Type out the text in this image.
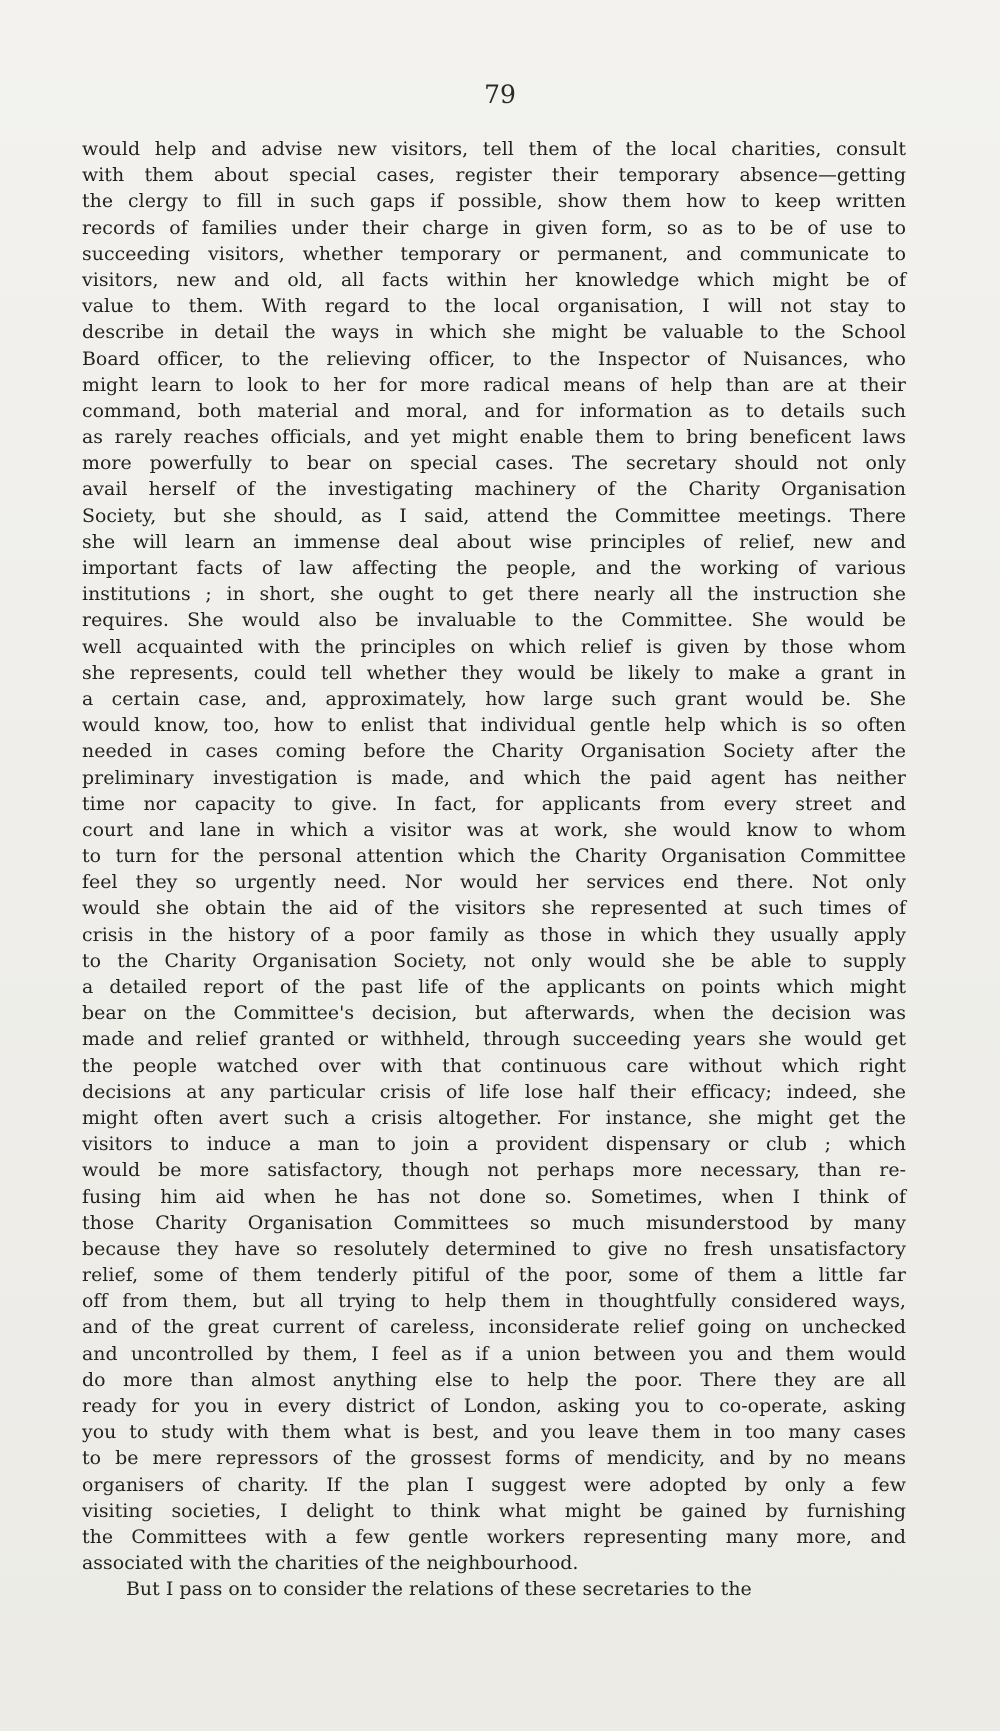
79
would help and advise new visitors, tell them of the local charities, consult
with them about special cases, register their temporary absence—getting
the clergy to fill in such gaps if possible, show them how to keep written
records of families under their charge in given form, so as to be of use to
succeeding visitors, whether temporary or permanent, and communicate to
visitors, new and old, all facts within her knowledge which might be of
value to them. With regard to the local organisation, I will not stay to
describe in detail the ways in which she might be valuable to the School
Board officer, to the relieving officer, to the Inspector of Nuisances, who
might learn to look to her for more radical means of help than are at their
command, both material and moral, and for information as to details such
as rarely reaches officials, and yet might enable them to bring beneficent laws
more powerfully to bear on special cases. The secretary should not only
avail herself of the investigating machinery of the Charity Organisation
Society, but she should, as I said, attend the Committee meetings. There
she will learn an immense deal about wise principles of relief, new and
important facts of law affecting the people, and the working of various
institutions ; in short, she ought to get there nearly all the instruction she
requires. She would also be invaluable to the Committee. She would be
well acquainted with the principles on which relief is given by those whom
she represents, could tell whether they would be likely to make a grant in
a certain case, and, approximately, how large such grant would be. She
would know, too, how to enlist that individual gentle help which is so often
needed in cases coming before the Charity Organisation Society after the
preliminary investigation is made, and which the paid agent has neither
time nor capacity to give. In fact, for applicants from every street and
court and lane in which a visitor was at work, she would know to whom
to turn for the personal attention which the Charity Organisation Committee
feel they so urgently need. Nor would her services end there. Not only
would she obtain the aid of the visitors she represented at such times of
crisis in the history of a poor family as those in which they usually apply
to the Charity Organisation Society, not only would she be able to supply
a detailed report of the past life of the applicants on points which might
bear on the Committee's decision, but afterwards, when the decision was
made and relief granted or withheld, through succeeding years she would get
the people watched over with that continuous care without which right
decisions at any particular crisis of life lose half their efficacy; indeed, she
might often avert such a crisis altogether. For instance, she might get the
visitors to induce a man to join a provident dispensary or club ; which
would be more satisfactory, though not perhaps more necessary, than re-
fusing him aid when he has not done so. Sometimes, when I think of
those Charity Organisation Committees so much misunderstood by many
because they have so resolutely determined to give no fresh unsatisfactory
relief, some of them tenderly pitiful of the poor, some of them a little far
off from them, but all trying to help them in thoughtfully considered ways,
and of the great current of careless, inconsiderate relief going on unchecked
and uncontrolled by them, I feel as if a union between you and them would
do more than almost anything else to help the poor. There they are all
ready for you in every district of London, asking you to co-operate, asking
you to study with them what is best, and you leave them in too many cases
to be mere repressors of the grossest forms of mendicity, and by no means
organisers of charity. If the plan I suggest were adopted by only a few
visiting societies, I delight to think what might be gained by furnishing
the Committees with a few gentle workers representing many more, and
associated with the charities of the neighbourhood.
But I pass on to consider the relations of these secretaries to the
